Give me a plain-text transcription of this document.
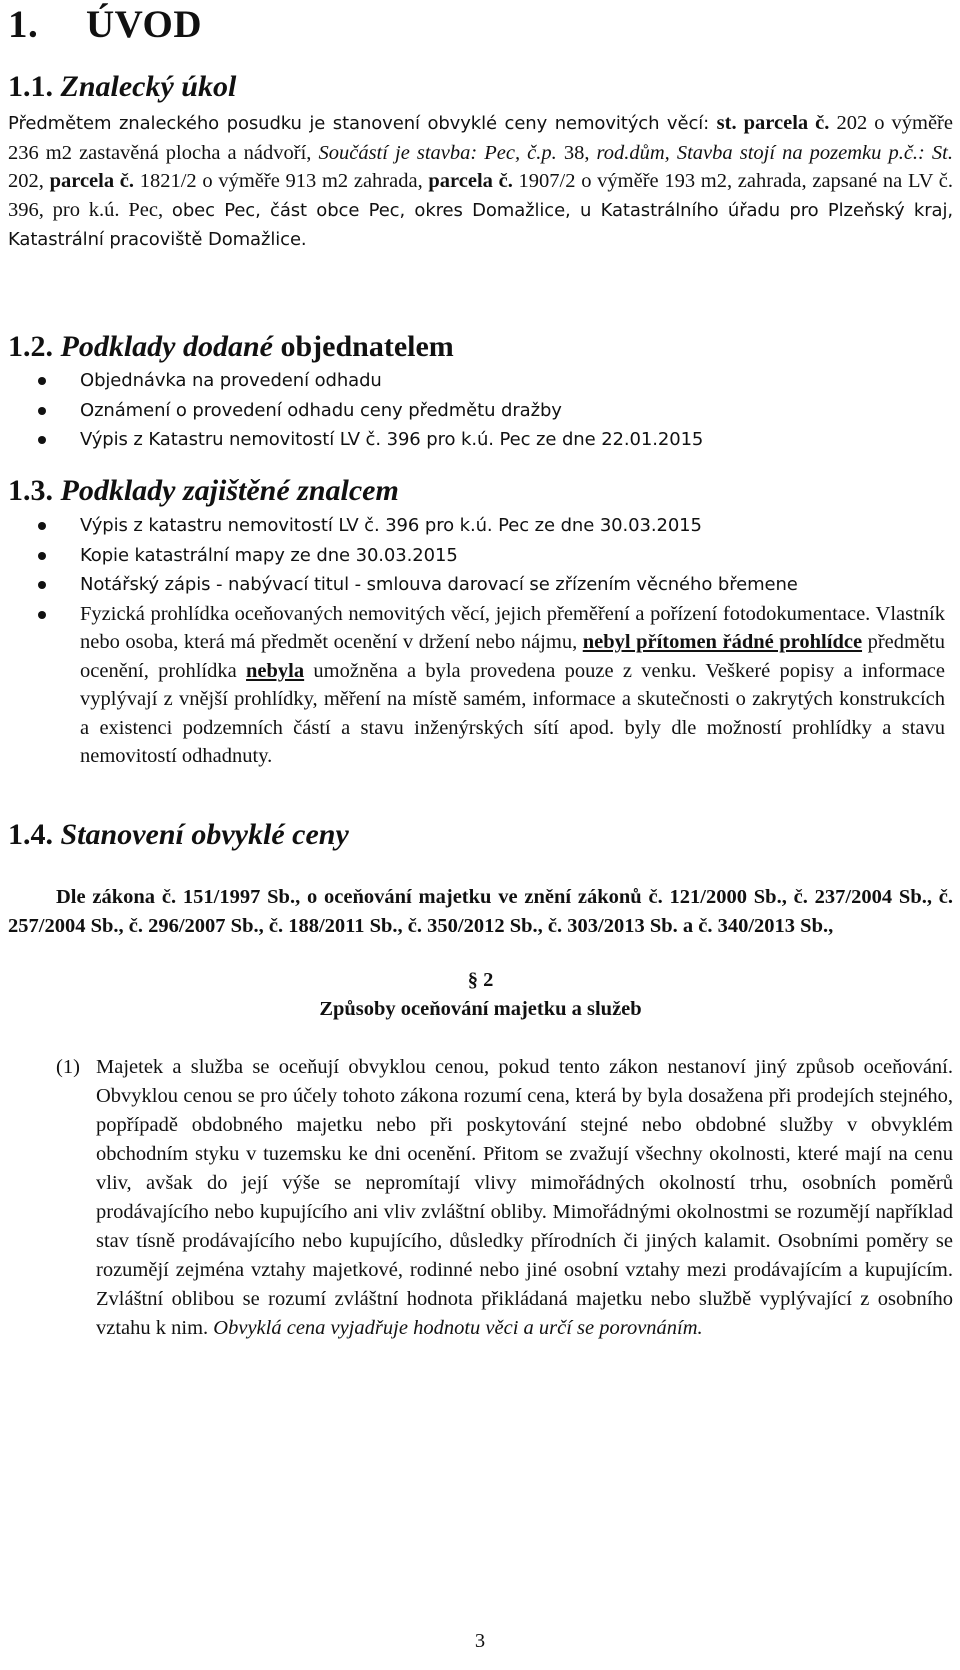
1. ÚVOD
1.1. Znalecký úkol
Předmětem znaleckého posudku je stanovení obvyklé ceny nemovitých věcí: st. parcela č. 202 o výměře 236 m2 zastavěná plocha a nádvoří, Součástí je stavba: Pec, č.p. 38, rod.dům, Stavba stojí na pozemku p.č.: St. 202, parcela č. 1821/2 o výměře 913 m2 zahrada, parcela č. 1907/2 o výměře 193 m2, zahrada, zapsané na LV č. 396, pro k.ú. Pec, obec Pec, část obce Pec, okres Domažlice, u Katastrálního úřadu pro Plzeňský kraj, Katastrální pracoviště Domažlice.
1.2. Podklady dodané objednatelem
Objednávka na provedení odhadu
Oznámení o provedení odhadu ceny předmětu dražby
Výpis z Katastru nemovitostí LV č. 396 pro k.ú. Pec ze dne 22.01.2015
1.3. Podklady zajištěné znalcem
Výpis z katastru nemovitostí LV č. 396 pro k.ú. Pec ze dne 30.03.2015
Kopie katastrální mapy ze dne 30.03.2015
Notářský zápis - nabývací titul - smlouva darovací se zřízením věcného břemene
Fyzická prohlídka oceňovaných nemovitých věcí, jejich přeměření a pořízení fotodokumentace. Vlastník nebo osoba, která má předmět ocenění v držení nebo nájmu, nebyl přítomen řádné prohlídce předmětu ocenění, prohlídka nebyla umožněna a byla provedena pouze z venku. Veškeré popisy a informace vyplývají z vnější prohlídky, měření na místě samém, informace a skutečnosti o zakrytých konstrukcích a existenci podzemních částí a stavu inženýrských sítí apod. byly dle možností prohlídky a stavu nemovitostí odhadnuty.
1.4. Stanovení obvyklé ceny
Dle zákona č. 151/1997 Sb., o oceňování majetku ve znění zákonů č. 121/2000 Sb., č. 237/2004 Sb., č. 257/2004 Sb., č. 296/2007 Sb., č. 188/2011 Sb., č. 350/2012 Sb., č. 303/2013 Sb. a č. 340/2013 Sb.,
§ 2
Způsoby oceňování majetku a služeb
(1) Majetek a služba se oceňují obvyklou cenou, pokud tento zákon nestanoví jiný způsob oceňování. Obvyklou cenou se pro účely tohoto zákona rozumí cena, která by byla dosažena při prodejích stejného, popřípadě obdobného majetku nebo při poskytování stejné nebo obdobné služby v obvyklém obchodním styku v tuzemsku ke dni ocenění. Přitom se zvažují všechny okolnosti, které mají na cenu vliv, avšak do její výše se nepromítají vlivy mimořádných okolností trhu, osobních poměrů prodávajícího nebo kupujícího ani vliv zvláštní obliby. Mimořádnými okolnostmi se rozumějí například stav tísně prodávajícího nebo kupujícího, důsledky přírodních či jiných kalamit. Osobními poměry se rozumějí zejména vztahy majetkové, rodinné nebo jiné osobní vztahy mezi prodávajícím a kupujícím. Zvláštní oblibou se rozumí zvláštní hodnota přikládaná majetku nebo službě vyplývající z osobního vztahu k nim. Obvyklá cena vyjadřuje hodnotu věci a určí se porovnáním.
3
